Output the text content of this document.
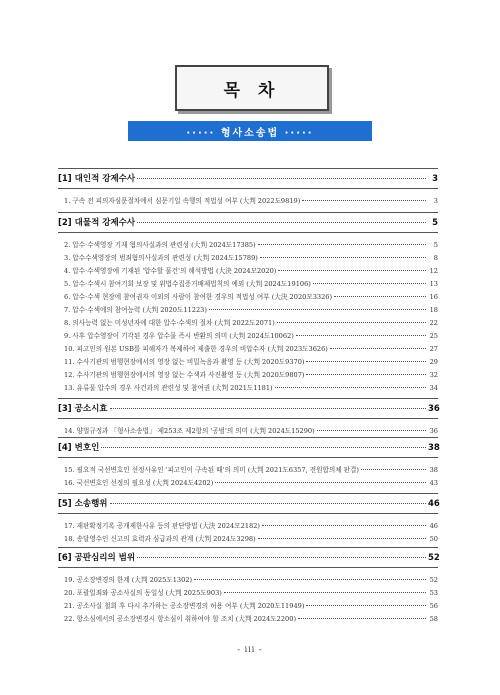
목 차
····· 형사소송법 ·····
[1] 대인적 강제수사	3
1. 구속 전 피의자심문절차에서 심문기일 속행의 적법성 여부 (大判 2022도9819)	3
[2] 대물적 강제수사	5
2. 압수·수색영장 기재 혐의사실과의 관련성 (大判 2024도17385)	5
3. 압수수색영장의 범죄혐의사실과의 관련성 (大判 2024도15789)	8
4. 압수·수색영장에 기재된 '압수할 물건'의 해석방법 (大決 2024모2020)	12
5. 압수·수색시 참여기회 보장 및 위법수집증거배제법칙의 예외 (大判 2024도19106)	13
6. 압수·수색 현장에 참여권자 이외의 사람이 참여한 경우의 적법성 여부 (大決 2020모3326)	16
7. 압수·수색에의 참여능력 (大判 2020도11223)	18
8. 의사능력 없는 미성년자에 대한 압수·수색의 절차 (大判 2022도2071)	22
9. 사후 압수영장이 기각된 경우 압수물 즉시 반환의 의미 (大判 2024도10062)	25
10. 피고인의 원본 USB를 피해자가 복제하여 제출한 경우의 비압수자 (大判 2023도3626)	27
11. 수사기관의 범행현장에서의 영장 없는 비밀녹음과 촬영 등 (大判 2020도9370)	29
12. 수사기관의 범행현장에서의 영장 없는 수색과 사진촬영 등 (大判 2020도9807)	32
13. 유류물 압수의 경우 사건과의 관련성 및 참여권 (大判 2021도1181)	34
[3] 공소시효	36
14. 양벌규정과 「형사소송법」 제253조 제2항의 '공범'의 의미 (大判 2024도15290)	36
[4] 변호인	38
15. 필요적 국선변호인 선정사유인 '피고인이 구속된 때'의 의미 (大判 2021도6357, 전원합의체 판결)	38
16. 국선변호인 선정의 필요성 (大判 2024도4202)	43
[5] 소송행위	46
17. 재판확정기록 공개제한사유 등의 판단방법 (大決 2024모2182)	46
18. 송달영수인 신고의 효력과 심급과의 관계 (大判 2024도3298)	50
[6] 공판심리의 범위	52
19. 공소장변경의 한계 (大判 2025도1302)	52
20. 포괄일죄와 공소사실의 동일성 (大判 2025도903)	53
21. 공소사실 철회 후 다시 추가하는 공소장변경의 허용 여부 (大判 2020도11949)	56
22. 항소심에서의 공소장변경시 항소심이 취하여야 할 조치 (大判 2024도2200)	58
- iii -
